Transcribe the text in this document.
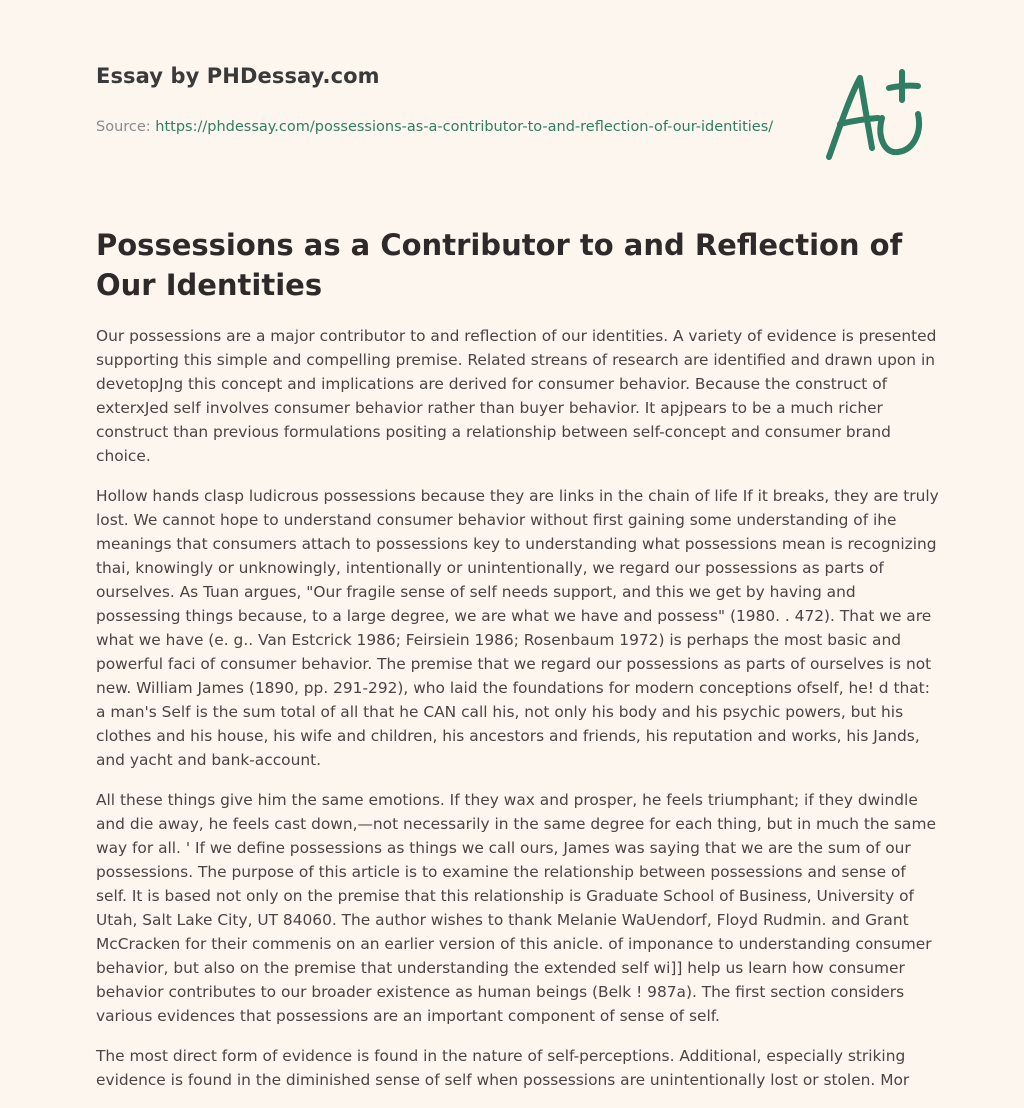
Essay by PHDessay.com
Source: https://phdessay.com/possessions-as-a-contributor-to-and-reflection-of-our-identities/
Possessions as a Contributor to and Reflection of Our Identities

Our possessions are a major contributor to and reflection of our identities. A variety of evidence is presented supporting this simple and compelling premise. Related streans of research are identified and drawn upon in devetopJng this concept and implications are derived for consumer behavior. Because the construct of exterxJed self involves consumer behavior rather than buyer behavior. It apjpears to be a much richer construct than previous formulations positing a relationship between self-concept and consumer brand choice.

Hollow hands clasp ludicrous possessions because they are links in the chain of life If it breaks, they are truly lost. We cannot hope to understand consumer behavior without first gaining some understanding of ihe meanings that consumers attach to possessions key to understanding what possessions mean is recognizing thai, knowingly or unknowingly, intentionally or unintentionally, we regard our possessions as parts of ourselves. As Tuan argues, "Our fragile sense of self needs support, and this we get by having and possessing things because, to a large degree, we are what we have and possess" (1980. . 472). That we are what we have (e. g.. Van Estcrick 1986; Feirsiein 1986; Rosenbaum 1972) is perhaps the most basic and powerful faci of consumer behavior. The premise that we regard our possessions as parts of ourselves is not new. William James (1890, pp. 291-292), who laid the foundations for modern conceptions ofself, he! d that: a man's Self is the sum total of all that he CAN call his, not only his body and his psychic powers, but his clothes and his house, his wife and children, his ancestors and friends, his reputation and works, his Jands, and yacht and bank-account.

All these things give him the same emotions. If they wax and prosper, he feels triumphant; if they dwindle and die away, he feels cast down,—not necessarily in the same degree for each thing, but in much the same way for all. ' If we define possessions as things we call ours, James was saying that we are the sum of our possessions. The purpose of this article is to examine the relationship between possessions and sense of self. It is based not only on the premise that this relationship is Graduate School of Business, University of Utah, Salt Lake City, UT 84060. The author wishes to thank Melanie WaUendorf, Floyd Rudmin. and Grant McCracken for their commenis on an earlier version of this anicle. of imponance to understanding consumer behavior, but also on the premise that understanding the extended self wi]] help us learn how consumer behavior contributes to our broader existence as human beings (Belk ! 987a). The first section considers various evidences that possessions are an important component of sense of self.

The most direct form of evidence is found in the nature of self-perceptions. Additional, especially striking evidence is found in the diminished sense of self when possessions are unintentionally lost or stolen. Mor
